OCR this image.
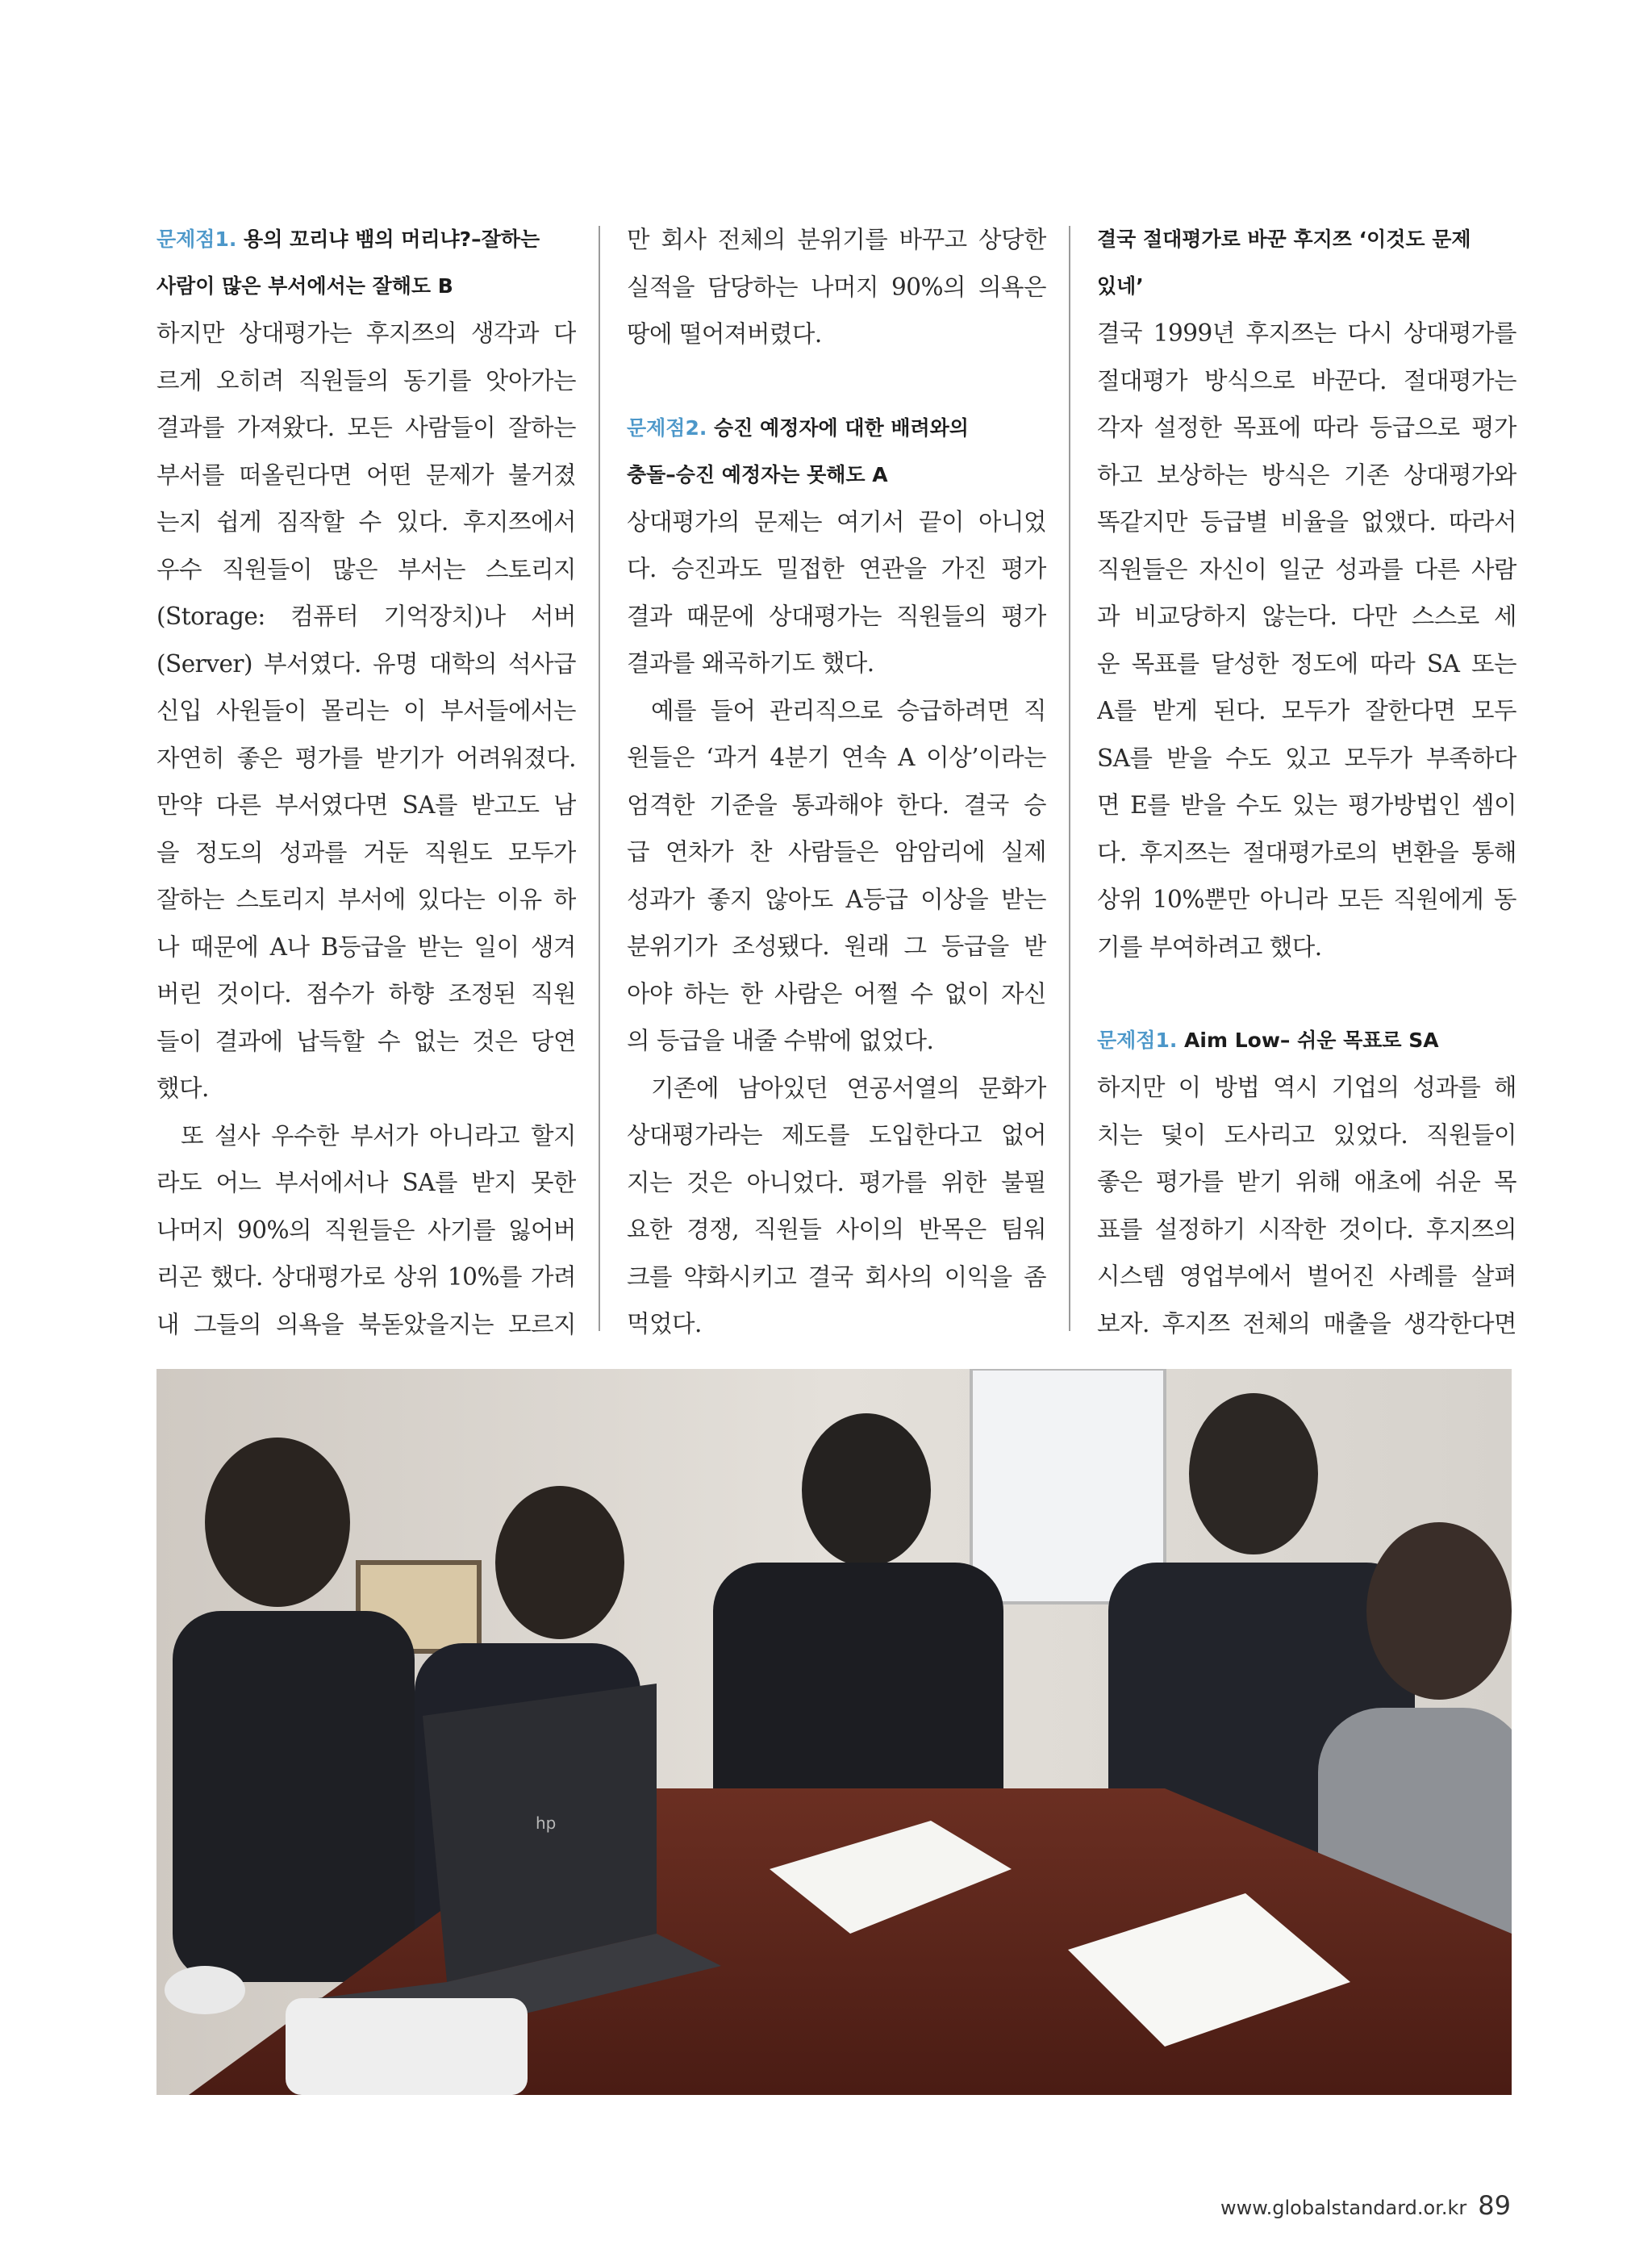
문제점1. 용의 꼬리냐 뱀의 머리냐?–잘하는
사람이 많은 부서에서는 잘해도 B

하지만 상대평가는 후지쯔의 생각과 다
르게 오히려 직원들의 동기를 앗아가는
결과를 가져왔다. 모든 사람들이 잘하는
부서를 떠올린다면 어떤 문제가 불거졌
는지 쉽게 짐작할 수 있다. 후지쯔에서
우수 직원들이 많은 부서는 스토리지
(Storage: 컴퓨터 기억장치)나 서버
(Server) 부서였다. 유명 대학의 석사급
신입 사원들이 몰리는 이 부서들에서는
자연히 좋은 평가를 받기가 어려워졌다.
만약 다른 부서였다면 SA를 받고도 남
을 정도의 성과를 거둔 직원도 모두가
잘하는 스토리지 부서에 있다는 이유 하
나 때문에 A나 B등급을 받는 일이 생겨
버린 것이다. 점수가 하향 조정된 직원
들이 결과에 납득할 수 없는 것은 당연
했다.
또 설사 우수한 부서가 아니라고 할지
라도 어느 부서에서나 SA를 받지 못한
나머지 90%의 직원들은 사기를 잃어버
리곤 했다. 상대평가로 상위 10%를 가려
내 그들의 의욕을 북돋았을지는 모르지
만 회사 전체의 분위기를 바꾸고 상당한
실적을 담당하는 나머지 90%의 의욕은
땅에 떨어져버렸다.

문제점2. 승진 예정자에 대한 배려와의
충돌–승진 예정자는 못해도 A

상대평가의 문제는 여기서 끝이 아니었
다. 승진과도 밀접한 연관을 가진 평가
결과 때문에 상대평가는 직원들의 평가
결과를 왜곡하기도 했다.
예를 들어 관리직으로 승급하려면 직
원들은 ‘과거 4분기 연속 A 이상’이라는
엄격한 기준을 통과해야 한다. 결국 승
급 연차가 찬 사람들은 암암리에 실제
성과가 좋지 않아도 A등급 이상을 받는
분위기가 조성됐다. 원래 그 등급을 받
아야 하는 한 사람은 어쩔 수 없이 자신
의 등급을 내줄 수밖에 없었다.
기존에 남아있던 연공서열의 문화가
상대평가라는 제도를 도입한다고 없어
지는 것은 아니었다. 평가를 위한 불필
요한 경쟁, 직원들 사이의 반목은 팀워
크를 약화시키고 결국 회사의 이익을 좀
먹었다.

결국 절대평가로 바꾼 후지쯔 ‘이것도 문제
있네’

결국 1999년 후지쯔는 다시 상대평가를
절대평가 방식으로 바꾼다. 절대평가는
각자 설정한 목표에 따라 등급으로 평가
하고 보상하는 방식은 기존 상대평가와
똑같지만 등급별 비율을 없앴다. 따라서
직원들은 자신이 일군 성과를 다른 사람
과 비교당하지 않는다. 다만 스스로 세
운 목표를 달성한 정도에 따라 SA 또는
A를 받게 된다. 모두가 잘한다면 모두
SA를 받을 수도 있고 모두가 부족하다
면 E를 받을 수도 있는 평가방법인 셈이
다. 후지쯔는 절대평가로의 변환을 통해
상위 10%뿐만 아니라 모든 직원에게 동
기를 부여하려고 했다.

문제점1. Aim Low– 쉬운 목표로 SA

하지만 이 방법 역시 기업의 성과를 해
치는 덫이 도사리고 있었다. 직원들이
좋은 평가를 받기 위해 애초에 쉬운 목
표를 설정하기 시작한 것이다. 후지쯔의
시스템 영업부에서 벌어진 사례를 살펴
보자. 후지쯔 전체의 매출을 생각한다면
hp
www.globalstandard.or.kr 89
